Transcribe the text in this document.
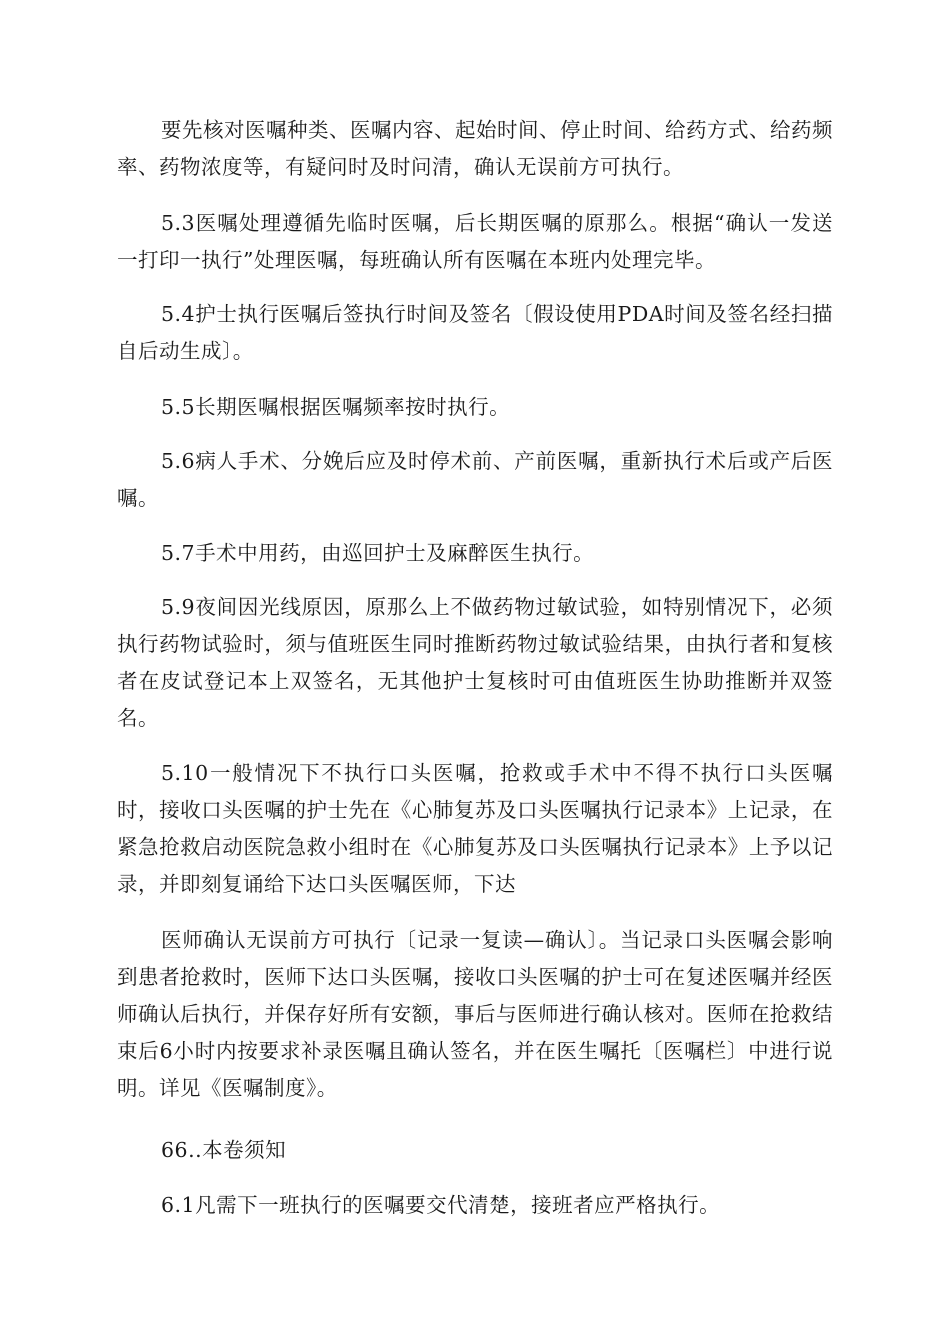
要先核对医嘱种类、医嘱内容、起始时间、停止时间、给药方式、给药频率、药物浓度等，有疑问时及时问清，确认无误前方可执行。

5.3医嘱处理遵循先临时医嘱，后长期医嘱的原那么。根据“确认一发送一打印一执行”处理医嘱，每班确认所有医嘱在本班内处理完毕。

5.4护士执行医嘱后签执行时间及签名〔假设使用PDA时间及签名经扫描自后动生成〕。

5.5长期医嘱根据医嘱频率按时执行。

5.6病人手术、分娩后应及时停术前、产前医嘱，重新执行术后或产后医嘱。

5.7手术中用药，由巡回护士及麻醉医生执行。

5.9夜间因光线原因，原那么上不做药物过敏试验，如特别情况下，必须执行药物试验时，须与值班医生同时推断药物过敏试验结果，由执行者和复核者在皮试登记本上双签名，无其他护士复核时可由值班医生协助推断并双签名。

5.10一般情况下不执行口头医嘱，抢救或手术中不得不执行口头医嘱时，接收口头医嘱的护士先在《心肺复苏及口头医嘱执行记录本》上记录，在紧急抢救启动医院急救小组时在《心肺复苏及口头医嘱执行记录本》上予以记录，并即刻复诵给下达口头医嘱医师，下达

医师确认无误前方可执行〔记录一复读—确认〕。当记录口头医嘱会影响到患者抢救时，医师下达口头医嘱，接收口头医嘱的护士可在复述医嘱并经医师确认后执行，并保存好所有安额，事后与医师进行确认核对。医师在抢救结束后6小时内按要求补录医嘱且确认签名，并在医生嘱托〔医嘱栏〕中进行说明。详见《医嘱制度》。

66..本卷须知

6.1凡需下一班执行的医嘱要交代清楚，接班者应严格执行。
